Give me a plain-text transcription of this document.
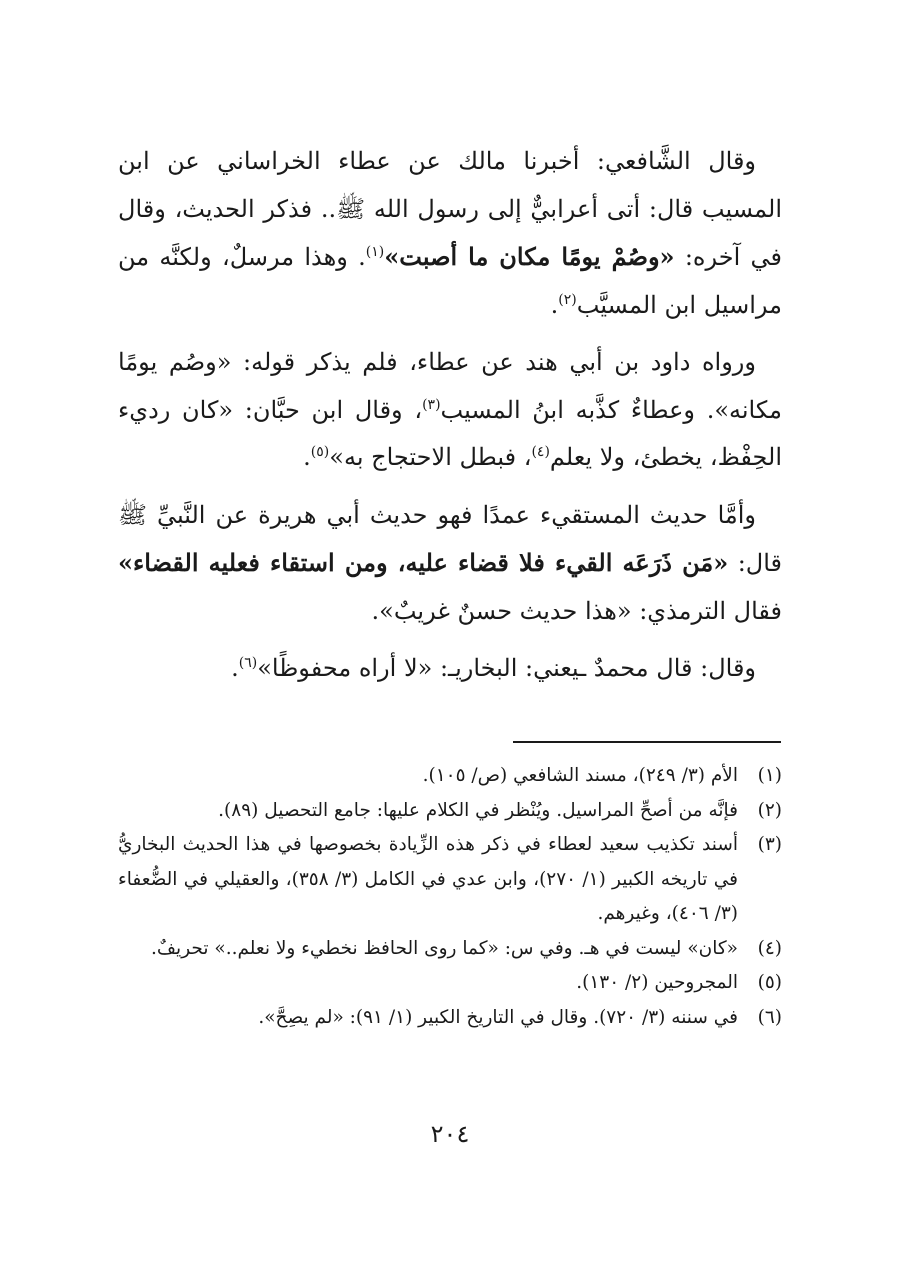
وقال الشَّافعي: أخبرنا مالك عن عطاء الخراساني عن ابن المسيب قال: أتى أعرابيٌّ إلى رسول الله ﷺ.. فذكر الحديث، وقال في آخره: «وصُمْ يومًا مكان ما أصبت»$^{(١)}$. وهذا مرسلٌ، ولكنَّه من مراسيل ابن المسيَّب$^{(٢)}$.

ورواه داود بن أبي هند عن عطاء، فلم يذكر قوله: «وصُم يومًا مكانه». وعطاءٌ كذَّبه ابنُ المسيب$^{(٣)}$، وقال ابن حبَّان: «كان رديء الحِفْظ، يخطئ، ولا يعلم$^{(٤)}$، فبطل الاحتجاج به»$^{(٥)}$.

وأمَّا حديث المستقيء عمدًا فهو حديث أبي هريرة عن النَّبيِّ ﷺ قال: «مَن ذَرَعَه القيء فلا قضاء عليه، ومن استقاء فعليه القضاء» فقال الترمذي: «هذا حديث حسنٌ غريبٌ».

وقال: قال محمدٌ ـيعني: البخاريـ: «لا أراه محفوظًا»$^{(٦)}$.

(١)
الأم (٣/ ٢٤٩)، مسند الشافعي (ص/ ١٠٥).
(٢)
فإنَّه من أصحِّ المراسيل. ويُنْظر في الكلام عليها: جامع التحصيل (٨٩).
(٣)
أسند تكذيب سعيد لعطاء في ذكر هذه الزِّيادة بخصوصها في هذا الحديث البخاريُّ في تاريخه الكبير (١/ ٢٧٠)، وابن عدي في الكامل (٣/ ٣٥٨)، والعقيلي في الضُّعفاء (٣/ ٤٠٦)، وغيرهم.
(٤)
«كان» ليست في هـ. وفي س: «كما روى الحافظ نخطيء ولا نعلم..» تحريفٌ.
(٥)
المجروحين (٢/ ١٣٠).
(٦)
في سننه (٣/ ٧٢٠). وقال في التاريخ الكبير (١/ ٩١): «لم يصِحَّ».
٢٠٤
